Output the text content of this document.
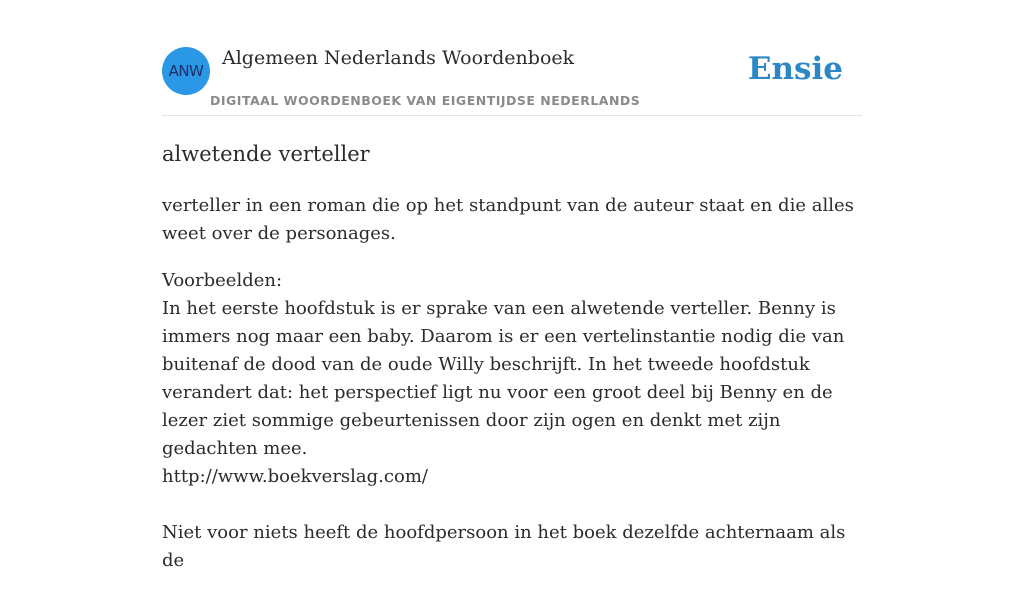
ANW
Algemeen Nederlands Woordenboek
DIGITAAL WOORDENBOEK VAN EIGENTIJDSE NEDERLANDS
Ensie
alwetende verteller

verteller in een roman die op het standpunt van de auteur staat en die alles weet over de personages.

Voorbeelden:

In het eerste hoofdstuk is er sprake van een alwetende verteller. Benny is immers nog maar een baby. Daarom is er een vertelinstantie nodig die van buitenaf de dood van de oude Willy beschrijft. In het tweede hoofdstuk verandert dat: het perspectief ligt nu voor een groot deel bij Benny en de lezer ziet sommige gebeurtenissen door zijn ogen en denkt met zijn gedachten mee.
http://www.boekverslag.com/

Niet voor niets heeft de hoofdpersoon in het boek dezelfde achternaam als de
